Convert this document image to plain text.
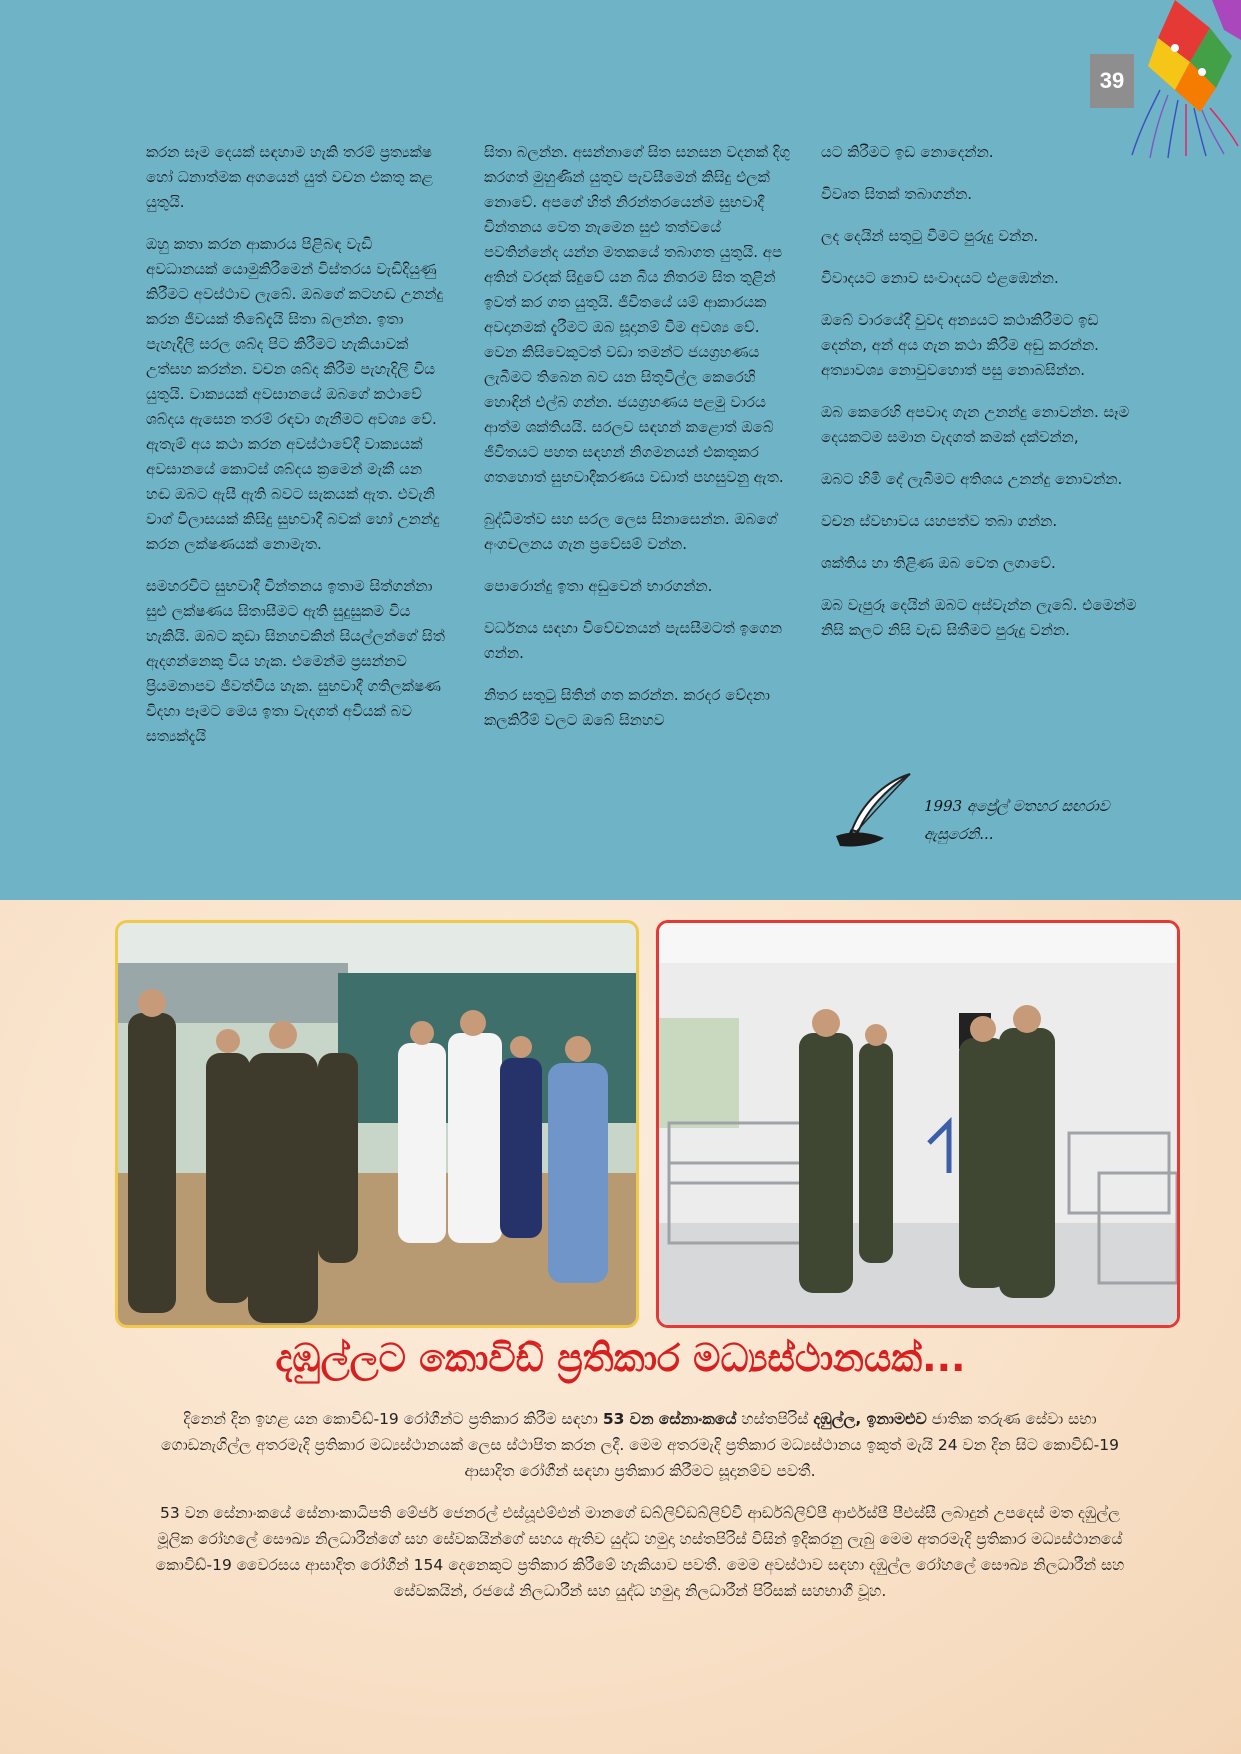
39

කරන සෑම දෙයක් සඳහාම හැකි තරම් ප්‍රත්‍යක්ෂ හෝ ධනාත්මක අගයෙන් යුත් වචන එකතු කළ යුතුයි.

ඔහු කතා කරන ආකාරය පිළිබඳ වැඩි අවධානයක් යොමුකිරීමෙන් විස්තරය වැඩිදියුණු කිරීමට අවස්ථාව ලැබේ. ඔබගේ කටහඬ උනන්දු කරන ජීවයක් තිබේදැයි සිතා බලන්න. ඉතා පැහැදිලි සරල ශබ්ද පිට කිරීමට හැකියාවක් උත්සහ කරන්න. වචන ශබ්ද කිරීම පැහැදිලි විය යුතුයි. වාක්‍යයක් අවසානයේ ඔබගේ කථාවේ ශබ්දය ඇසෙන තරම් රඳවා ගැනීමට අවශ්‍ය වේ. ඇතැම් අය කථා කරන අවස්ථාවේදී වාක්‍යයක් අවසානයේ කොටස් ශබ්දය ක්‍රමෙන් මැකී යන හඬ ඔබට ඇසී ඇති බවට සැකයක් ඇත. එවැනි වාග් විලාසයක් කිසිදු සුභවාදී බවක් හෝ උනන්දු කරන ලක්ෂණයක් නොමැත.

සමහරවිට සුභවාදී චින්තනය ඉතාම සිත්ගන්නා සුළු ලක්ෂණය සිතාසීමට ඇති සුදුසුකම විය හැකියි. ඔබට කුඩා සිනහවකින් සියල්ලන්ගේ සිත් ඇදගන්නෙකු විය හැක. එමෙන්ම ප්‍රසන්නව ප්‍රියමනාපව ජීවත්විය හැක. සුභවාදී ගතිලක්ෂණ විදහා පෑමට මෙය ඉතා වැදගත් අවියක් බව සත්‍යක්දැයි

සිතා බලන්න. අසන්නාගේ සිත සනසන වදනක් දිගු කරගත් මුහුණින් යුතුව පැවසීමෙන් කිසිදු එලක් නොවේ. අපගේ හිත් නිරන්තරයෙන්ම සුභවාදී චින්තනය වෙත නැමෙන සුළු තත්වයේ පවතින්නේද යන්න මතකයේ තබාගත යුතුයි. අප අතින් වරදක් සිදුවේ යන බිය නිතරම සිත තුළින් ඉවත් කර ගත යුතුයි. ජීවිතයේ යම් ආකාරයක අවදානමක් දැරීමට ඔබ සූදානම් වීම අවශ්‍ය වේ. වෙන කිසිවෙකුටත් වඩා තමන්ට ජයග්‍රහණය ලැබීමට තිබෙන බව යන සිතුවිල්ල කෙරෙහි හොඳින් එල්බ ගන්න. ජයග්‍රහණය පළමු වාරය ආත්ම ශක්තියයි. සරලව සඳහන් කළොත් ඔබේ ජීවිතයට පහත සඳහන් නිගමනයන් එකතුකර ගතහොත් සුභවාදීකරණය වඩාත් පහසුවනු ඇත.

බුද්ධිමත්ව සහ සරල ලෙස සිනාසෙන්න. ඔබගේ අංගචලනය ගැන ප්‍රවේසම් වන්න.

පොරොන්දු ඉතා අඩුවෙන් භාරගන්න.

වර්ධනය සඳහා විවේචනයන් පැසසීමටත් ඉගෙන ගන්න.

නිතර සතුටු සිතින් ගත කරන්න. කරදර වේදනා කලකිරීම් වලට ඔබේ සිනහව

යට කිරීමට ඉඩ නොදෙන්න.

විවෘත සිතක් තබාගන්න.

ලද දෙයින් සතුටු වීමට පුරුදු වන්න.

විවාදයට නොව සංවාදයට එළඹෙන්න.

ඔබේ වාරයේදී වුවද අන්‍යයට කථාකිරීමට ඉඩ දෙන්න, අන් අය ගැන කථා කිරීම අඩු කරන්න. අත්‍යාවශ්‍ය නොවුවහොත් පසු නොබසින්න.

ඔබ කෙරෙහි අපවාද ගැන උනන්දු නොවන්න. සෑම දෙයකටම සමාන වැදගත් කමක් දක්වන්න,

ඔබට හිමි දේ ලැබීමට අතිශය උනන්දු නොවන්න.

වචන ස්වභාවය යහපත්ව තබා ගන්න.

ශක්තිය හා තිළිණ ඔබ වෙත ලගාවේ.

ඔබ වැපුරූ දෙයින් ඔබට අස්වැන්න ලැබේ. එමෙන්ම නිසි කලට නිසි වැඩ සිතීමට පුරුදු වන්න.

1993 අප්‍රේල් මතහර සඟරාව
ඇසුරෙනි...
දඹුල්ලට කොවිඩ් ප්‍රතිකාර මධ්‍යස්ථානයක්...
දිනෙන් දින ඉහළ යන කොවිඩ්-19 රෝගීන්ට ප්‍රතිකාර කිරීම සඳහා 53 වන සේනාංකයේ හස්තපිරිස් දඹුල්ල, ඉනාමළුව ජාතික තරුණ සේවා සභා ගොඩනැගිල්ල අතරමැදි ප්‍රතිකාර මධ්‍යස්ථානයක් ලෙස ස්ථාපිත කරන ලදී. මෙම අතරමැදි ප්‍රතිකාර මධ්‍යස්ථානය ඉකුත් මැයි 24 වන දින සිට කොවිඩ්-19 ආසාදිත රෝගීන් සඳහා ප්‍රතිකාර කිරීමට සූදානම්ව පවතී.
53 වන සේනාංකයේ සේනාංකාධිපති මේජර් ජෙනරල් එස්යූඑම්එන් මානගේ ඩබ්ලිව්ඩබ්ලිව්වී ආර්ඩබ්ලිව්පී ආර්එස්පී පීඑස්සී ලබාදුන් උපදෙස් මත දඹුල්ල මූලික රෝහලේ සෞඛ්‍ය නිලධාරීන්ගේ සහ සේවකයින්ගේ සහය ඇතිව යුද්ධ හමුදා හස්තපිරිස් විසින් ඉදිකරනු ලැබු මෙම අතරමැදි ප්‍රතිකාර මධ්‍යස්ථානයේ කොවිඩ්-19 වෛරසය ආසාදිත රෝගීන් 154 දෙනෙකුට ප්‍රතිකාර කිරීමේ හැකියාව පවතී. මෙම අවස්ථාව සඳහා දඹුල්ල රෝහලේ සෞඛ්‍ය නිලධාරීන් සහ සේවකයින්, රජයේ නිලධාරීන් සහ යුද්ධ හමුදා නිලධාරීන් පිරිසක් සහභාගී වූහ.
